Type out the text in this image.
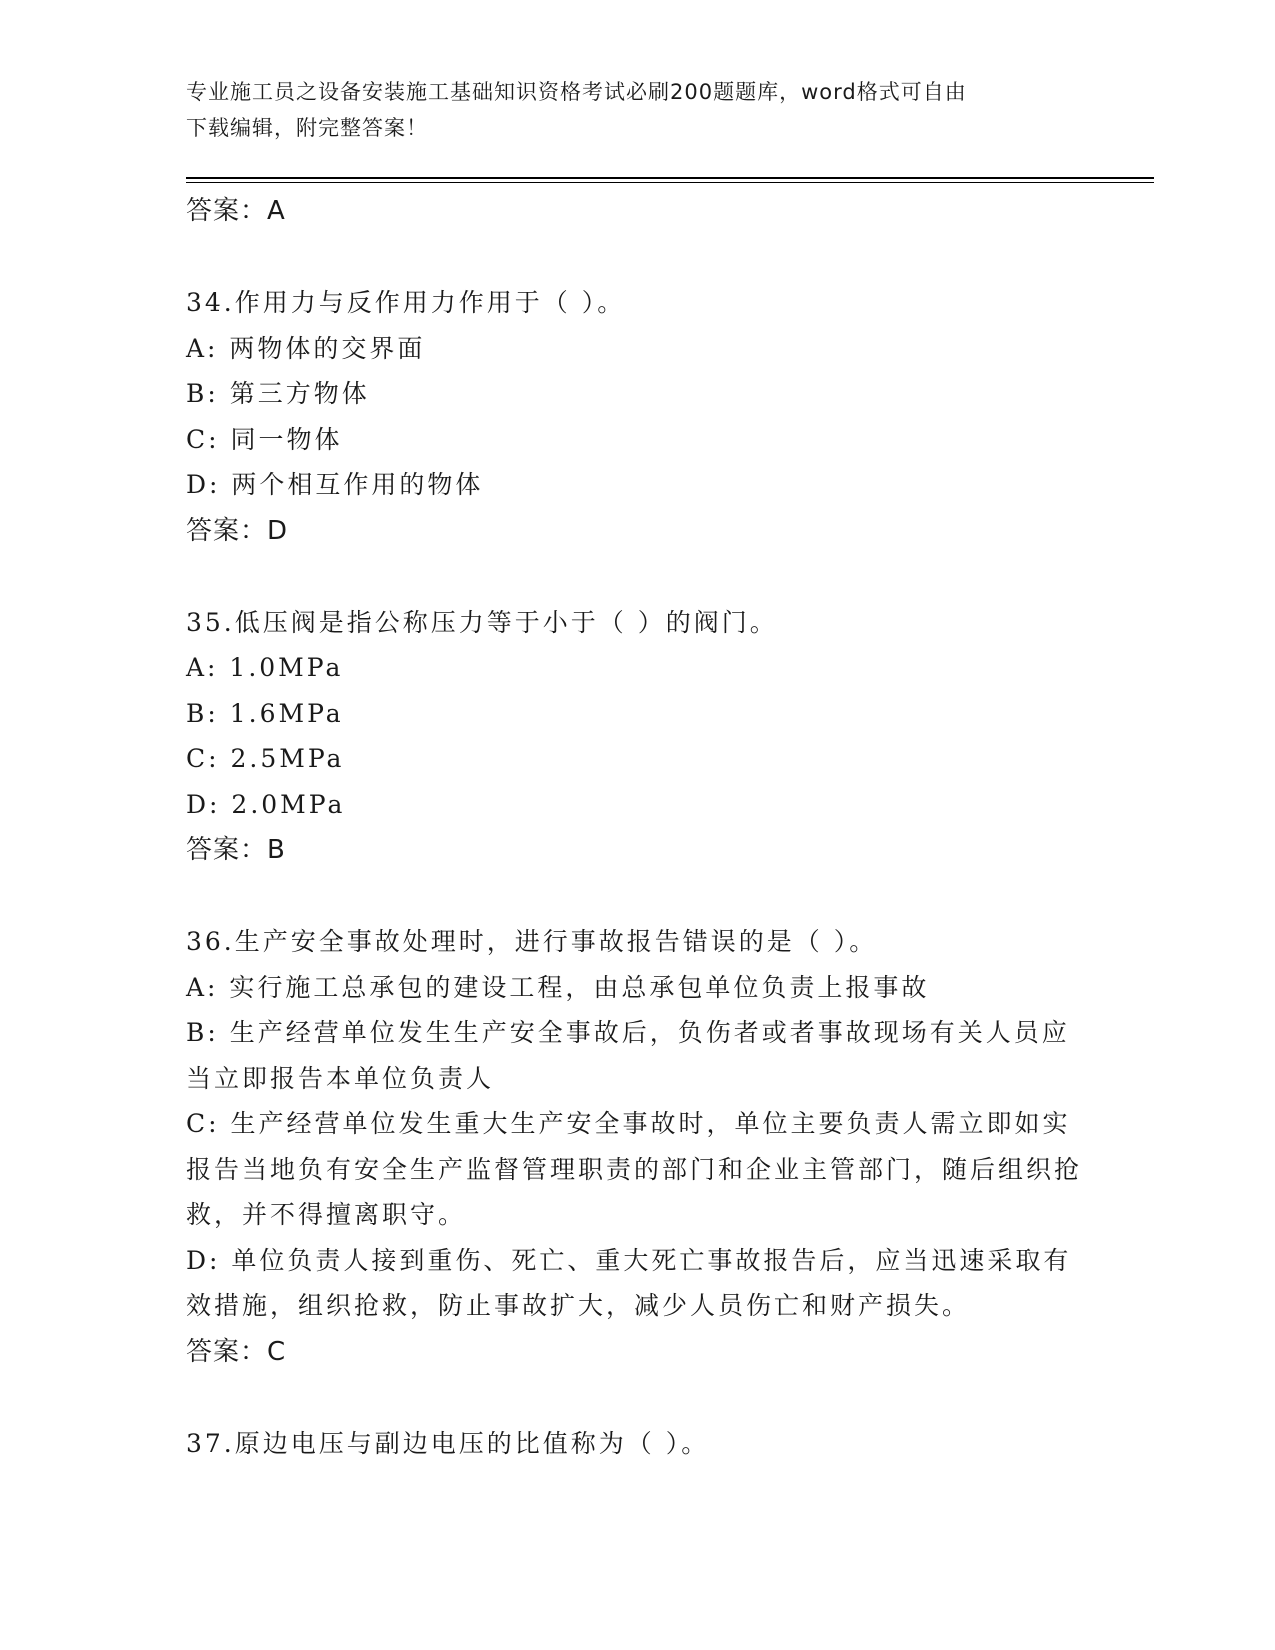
专业施工员之设备安装施工基础知识资格考试必刷200题题库，word格式可自由
下载编辑，附完整答案！
答案：A
34.作用力与反作用力作用于（ ）。
A: 两物体的交界面
B: 第三方物体
C: 同一物体
D: 两个相互作用的物体
答案：D
35.低压阀是指公称压力等于小于（ ）的阀门。
A: 1.0MPa
B: 1.6MPa
C: 2.5MPa
D: 2.0MPa
答案：B
36.生产安全事故处理时，进行事故报告错误的是（ ）。
A: 实行施工总承包的建设工程，由总承包单位负责上报事故
B: 生产经营单位发生生产安全事故后，负伤者或者事故现场有关人员应当立即报告本单位负责人
C: 生产经营单位发生重大生产安全事故时，单位主要负责人需立即如实报告当地负有安全生产监督管理职责的部门和企业主管部门，随后组织抢救，并不得擅离职守。
D: 单位负责人接到重伤、死亡、重大死亡事故报告后，应当迅速采取有效措施，组织抢救，防止事故扩大，减少人员伤亡和财产损失。
答案：C
37.原边电压与副边电压的比值称为（ ）。
